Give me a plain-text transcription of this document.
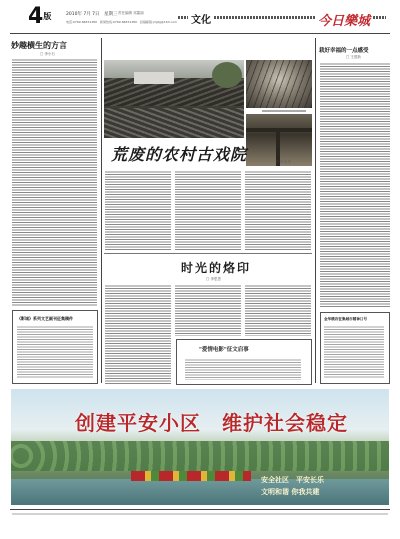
$4^版$	2010年 7月 7日　星期三 责任编辑 邓露丽
电话:0769-86551380　新闻热线:0769-86551380　投稿邮箱:jrlgtg@163.com	文化	今日樂城
妙趣横生的方言
□ 李小石
《影城》系列文艺副刊征集稿件
荒废的农村古戏院	□ 叶永杰
时光的烙印
□ 李思思
"爱情电影"征文启事
栽好幸福的一点感受
□ 王建新
金华横店征集城市精神口号
创建平安小区　维护社会稳定
安全社区　平安长乐
文明和谐 你我共建
